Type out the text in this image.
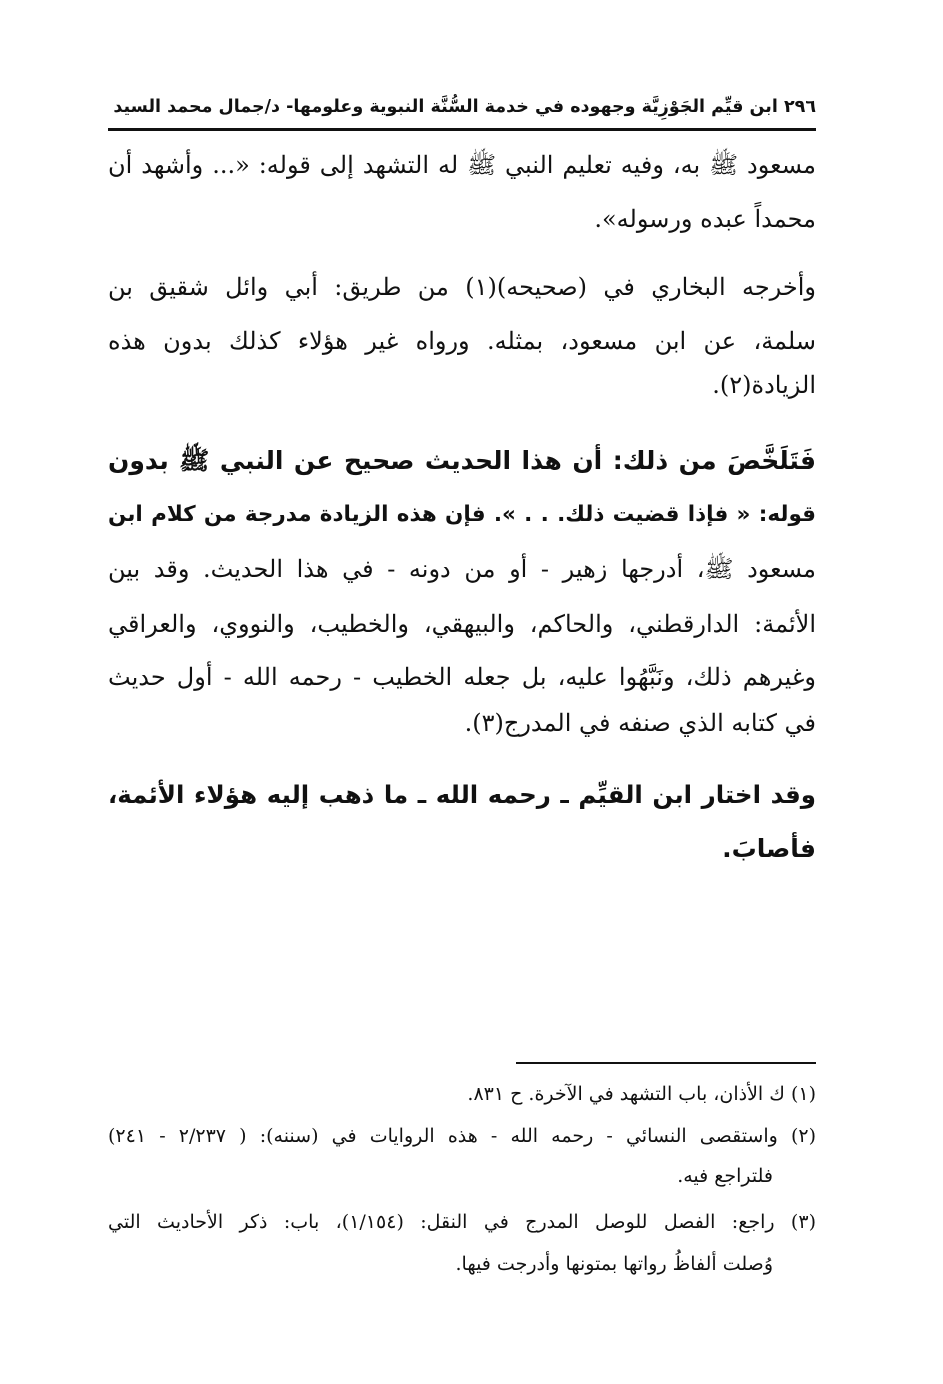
٢٩٦ ابن قيِّم الجَوْزِيَّة وجهوده في خدمة السُّنَّة النبوية وعلومها- د/جمال محمد السيد
مسعود ﷺ به، وفيه تعليم النبي ﷺ له التشهد إلى قوله: «... وأشهد أن
محمداً عبده ورسوله».
وأخرجه البخاري في (صحيحه)(١) من طريق: أبي وائل شقيق بن
سلمة، عن ابن مسعود، بمثله. ورواه غير هؤلاء كذلك بدون هذه
الزيادة(٢).
فَتَلَخَّصَ من ذلك: أن هذا الحديث صحيح عن النبي ﷺ بدون
قوله: « فإذا قضيت ذلك. . . ». فإن هذه الزيادة مدرجة من كلام ابن
مسعود ﷺ، أدرجها زهير - أو من دونه - في هذا الحديث. وقد بين
الأئمة: الدارقطني، والحاكم، والبيهقي، والخطيب، والنووي، والعراقي
وغيرهم ذلك، ونَبَّهُوا عليه، بل جعله الخطيب - رحمه الله - أول حديث
في كتابه الذي صنفه في المدرج(٣).
وقد اختار ابن القيِّم ـ رحمه الله ـ ما ذهب إليه هؤلاء الأئمة،
فأصابَ.
(١) ك الأذان، باب التشهد في الآخرة. ح ٨٣١.
(٢) واستقصى النسائي - رحمه الله - هذه الروايات في (سننه): ( ٢/٢٣٧ - ٢٤١)
فلتراجع فيه.
(٣) راجع: الفصل للوصل المدرج في النقل: (١/١٥٤)، باب: ذكر الأحاديث التي
وُصلت ألفاظُ رواتها بمتونها وأدرجت فيها.
